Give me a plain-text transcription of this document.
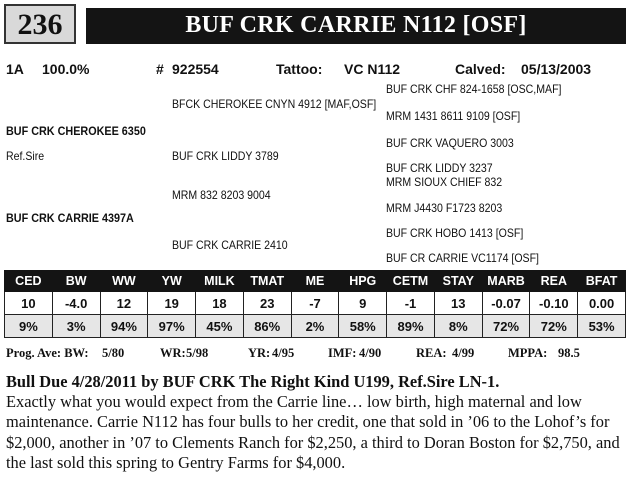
236	BUF CRK CARRIE N112 [OSF]
1A 100.0%	# 922554	Tattoo: VC N112	Calved: 05/13/2003
BFCK CHEROKEE CNYN 4912 [MAF,OSF]
BUF CRK CHF 824-1658 [OSC,MAF]
MRM 1431 8611 9109 [OSF]
BUF CRK CHEROKEE 6350
BUF CRK VAQUERO 3003
Ref.Sire	BUF CRK LIDDY 3789
BUF CRK LIDDY 3237
MRM SIOUX CHIEF 832
MRM 832 8203 9004
MRM J4430 F1723 8203
BUF CRK CARRIE 4397A
BUF CRK HOBO 1413 [OSF]
BUF CRK CARRIE 2410
BUF CR CARRIE VC1174 [OSF]
CED	BW	WW	YW	MILK	TMAT	ME	HPG	CETM	STAY	MARB	REA	BFAT
10	-4.0	12	19	18	23	-7	9	-1	13	-0.07	-0.10	0.00
9%	3%	94%	97%	45%	86%	2%	58%	89%	8%	72%	72%	53%
Prog. Ave: BW: 5/80	WR: 5/98	YR: 4/95	IMF: 4/90	REA: 4/99	MPPA: 98.5
Bull Due 4/28/2011 by BUF CRK The Right Kind U199, Ref.Sire LN-1.
Exactly what you would expect from the Carrie line… low birth, high maternal and low maintenance. Carrie N112 has four bulls to her credit, one that sold in ’06 to the Lohof’s for $2,000, another in ’07 to Clements Ranch for $2,250, a third to Doran Boston for $2,750, and the last sold this spring to Gentry Farms for $4,000.
